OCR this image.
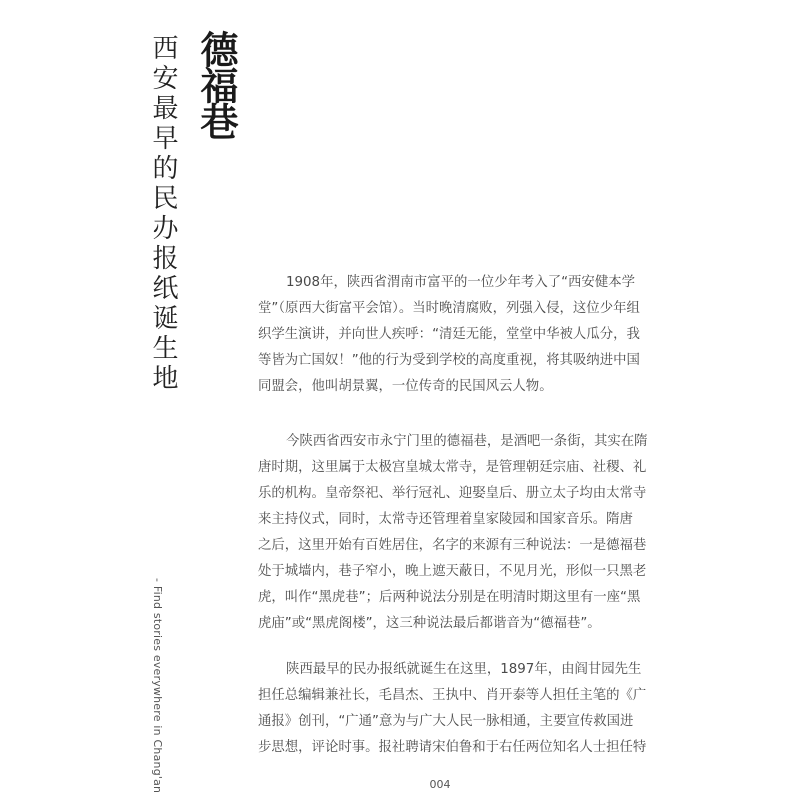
德福巷
西安最早的民办报纸诞生地
- Find stories everywhere in Chang'an
1908年，陕西省渭南市富平的一位少年考入了“西安健本学
堂”（原西大街富平会馆）。当时晚清腐败，列强入侵，这位少年组
织学生演讲，并向世人疾呼：“清廷无能，堂堂中华被人瓜分，我
等皆为亡国奴！”他的行为受到学校的高度重视，将其吸纳进中国
同盟会，他叫胡景翼，一位传奇的民国风云人物。
今陕西省西安市永宁门里的德福巷，是酒吧一条街，其实在隋
唐时期，这里属于太极宫皇城太常寺，是管理朝廷宗庙、社稷、礼
乐的机构。皇帝祭祀、举行冠礼、迎娶皇后、册立太子均由太常寺
来主持仪式，同时，太常寺还管理着皇家陵园和国家音乐。隋唐
之后，这里开始有百姓居住，名字的来源有三种说法：一是德福巷
处于城墙内，巷子窄小，晚上遮天蔽日，不见月光，形似一只黑老
虎，叫作“黑虎巷”；后两种说法分别是在明清时期这里有一座“黑
虎庙”或“黑虎阁楼”，这三种说法最后都谐音为“德福巷”。
陕西最早的民办报纸就诞生在这里，1897年，由阎甘园先生
担任总编辑兼社长，毛昌杰、王执中、肖开泰等人担任主笔的《广
通报》创刊，“广通”意为与广大人民一脉相通，主要宣传救国进
步思想，评论时事。报社聘请宋伯鲁和于右任两位知名人士担任特
004
